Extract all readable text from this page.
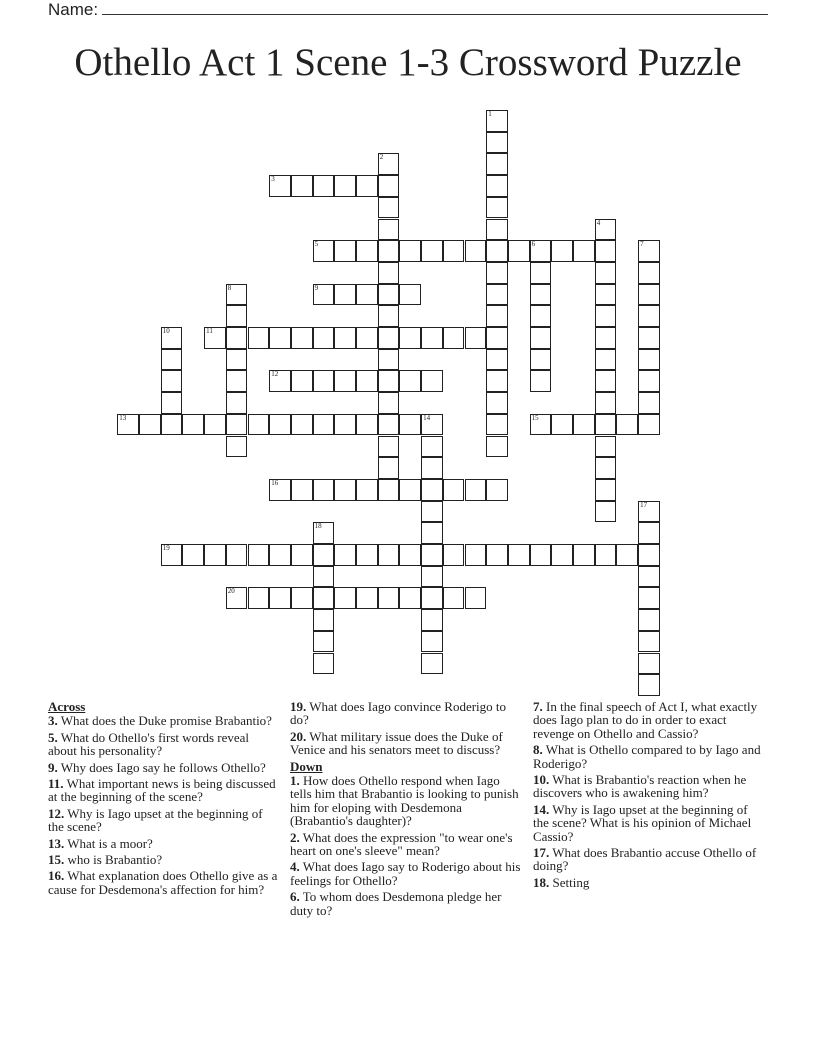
Name:
Othello Act 1 Scene 1-3 Crossword Puzzle
1
2
3
4
5	6	7
8	9
10	11
12
13	14	15
16
17
18
19
20
Across
3. What does the Duke promise Brabantio?
5. What do Othello's first words reveal about his personality?
9. Why does Iago say he follows Othello?
11. What important news is being discussed at the beginning of the scene?
12. Why is Iago upset at the beginning of the scene?
13. What is a moor?
15. who is Brabantio?
16. What explanation does Othello give as a cause for Desdemona's affection for him?
19. What does Iago convince Roderigo to do?
20. What military issue does the Duke of Venice and his senators meet to discuss?
Down
1. How does Othello respond when Iago tells him that Brabantio is looking to punish him for eloping with Desdemona (Brabantio's daughter)?
2. What does the expression "to wear one's heart on one's sleeve" mean?
4. What does Iago say to Roderigo about his feelings for Othello?
6. To whom does Desdemona pledge her duty to?
7. In the final speech of Act I, what exactly does Iago plan to do in order to exact revenge on Othello and Cassio?
8. What is Othello compared to by Iago and Roderigo?
10. What is Brabantio's reaction when he discovers who is awakening him?
14. Why is Iago upset at the beginning of the scene? What is his opinion of Michael Cassio?
17. What does Brabantio accuse Othello of doing?
18. Setting
